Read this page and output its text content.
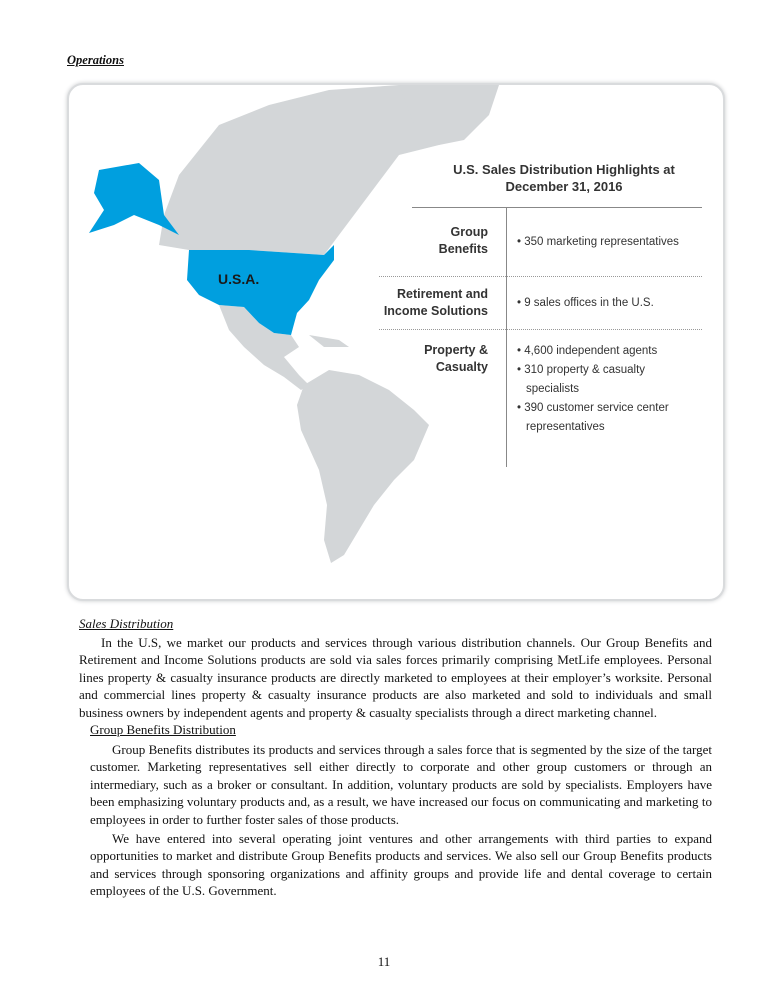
Operations
U.S.A.
U.S. Sales Distribution Highlights at
December 31, 2016
Group
Benefits	• 350 marketing representatives
Retirement and
Income Solutions
• 9 sales offices in the U.S.
Property &
Casualty
• 4,600 independent agents
• 310 property & casualty
specialists
• 390 customer service center
representatives
Sales Distribution
In the U.S, we market our products and services through various distribution channels. Our Group Benefits and Retirement and Income Solutions products are sold via sales forces primarily comprising MetLife employees. Personal lines property & casualty insurance products are directly marketed to employees at their employer’s worksite. Personal and commercial lines property & casualty insurance products are also marketed and sold to individuals and small business owners by independent agents and property & casualty specialists through a direct marketing channel.
Group Benefits Distribution
Group Benefits distributes its products and services through a sales force that is segmented by the size of the target customer. Marketing representatives sell either directly to corporate and other group customers or through an intermediary, such as a broker or consultant. In addition, voluntary products are sold by specialists. Employers have been emphasizing voluntary products and, as a result, we have increased our focus on communicating and marketing to employees in order to further foster sales of those products.
We have entered into several operating joint ventures and other arrangements with third parties to expand opportunities to market and distribute Group Benefits products and services. We also sell our Group Benefits products and services through sponsoring organizations and affinity groups and provide life and dental coverage to certain employees of the U.S. Government.
11
